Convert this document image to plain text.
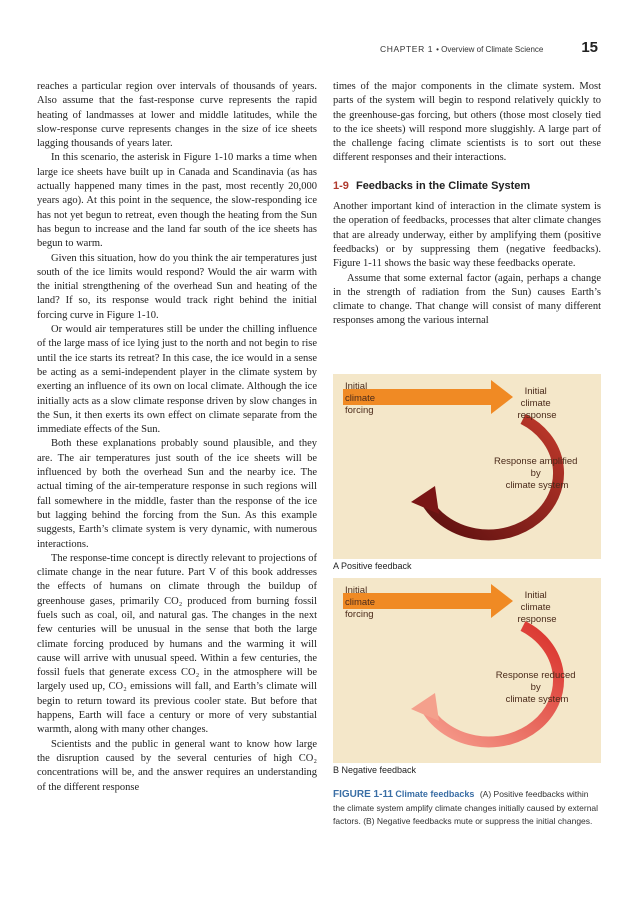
CHAPTER 1 • Overview of Climate Science	15

reaches a particular region over intervals of thousands of years. Also assume that the fast-response curve represents the rapid heating of landmasses at lower and middle latitudes, while the slow-response curve represents changes in the size of ice sheets lagging thousands of years later.

In this scenario, the asterisk in Figure 1-10 marks a time when large ice sheets have built up in Canada and Scandinavia (as has actually happened many times in the past, most recently 20,000 years ago). At this point in the sequence, the slow-responding ice has not yet begun to retreat, even though the heating from the Sun has begun to increase and the land far south of the ice sheets has begun to warm.

Given this situation, how do you think the air temperatures just south of the ice limits would respond? Would the air warm with the initial strengthening of the overhead Sun and heating of the land? If so, its response would track right behind the initial forcing curve in Figure 1-10.

Or would air temperatures still be under the chilling influence of the large mass of ice lying just to the north and not begin to rise until the ice starts its retreat? In this case, the ice would in a sense be acting as a semi-independent player in the climate system by exerting an influence of its own on local climate. Although the ice initially acts as a slow climate response driven by slow changes in the Sun, it then exerts its own effect on climate separate from the immediate effects of the Sun.

Both these explanations probably sound plausible, and they are. The air temperatures just south of the ice sheets will be influenced by both the overhead Sun and the nearby ice. The actual timing of the air-temperature response in such regions will fall somewhere in the middle, faster than the response of the ice but lagging behind the forcing from the Sun. As this example suggests, Earth’s climate system is very dynamic, with numerous interactions.

The response-time concept is directly relevant to projections of climate change in the near future. Part V of this book addresses the effects of humans on climate through the buildup of greenhouse gases, primarily CO₂ produced from burning fossil fuels such as coal, oil, and natural gas. The changes in the next few centuries will be unusual in the sense that both the large climate forcing produced by humans and the warming it will cause will arrive with unusual speed. Within a few centuries, the fossil fuels that generate excess CO₂ in the atmosphere will be largely used up, CO₂ emissions will fall, and Earth’s climate will begin to return toward its previous cooler state. But before that happens, Earth will face a century or more of very substantial warmth, along with many other changes.

Scientists and the public in general want to know how large the disruption caused by the several centuries of high CO₂ concentrations will be, and the answer requires an understanding of the different response

times of the major components in the climate system. Most parts of the system will begin to respond relatively quickly to the greenhouse-gas forcing, but others (those most closely tied to the ice sheets) will respond more sluggishly. A large part of the challenge facing climate scientists is to sort out these different responses and their interactions.

1-9 Feedbacks in the Climate System

Another important kind of interaction in the climate system is the operation of feedbacks, processes that alter climate changes that are already underway, either by amplifying them (positive feedbacks) or by suppressing them (negative feedbacks). Figure 1-11 shows the basic way these feedbacks operate.

Assume that some external factor (again, perhaps a change in the strength of radiation from the Sun) causes Earth’s climate to change. That change will consist of many different responses among the various internal

Initial climate forcing
Initial climate response
Response amplified by climate system
A Positive feedback
Initial climate forcing
Initial climate response
Response reduced by climate system
B Negative feedback
FIGURE 1-11 Climate feedbacks (A) Positive feedbacks within the climate system amplify climate changes initially caused by external factors. (B) Negative feedbacks mute or suppress the initial changes.
